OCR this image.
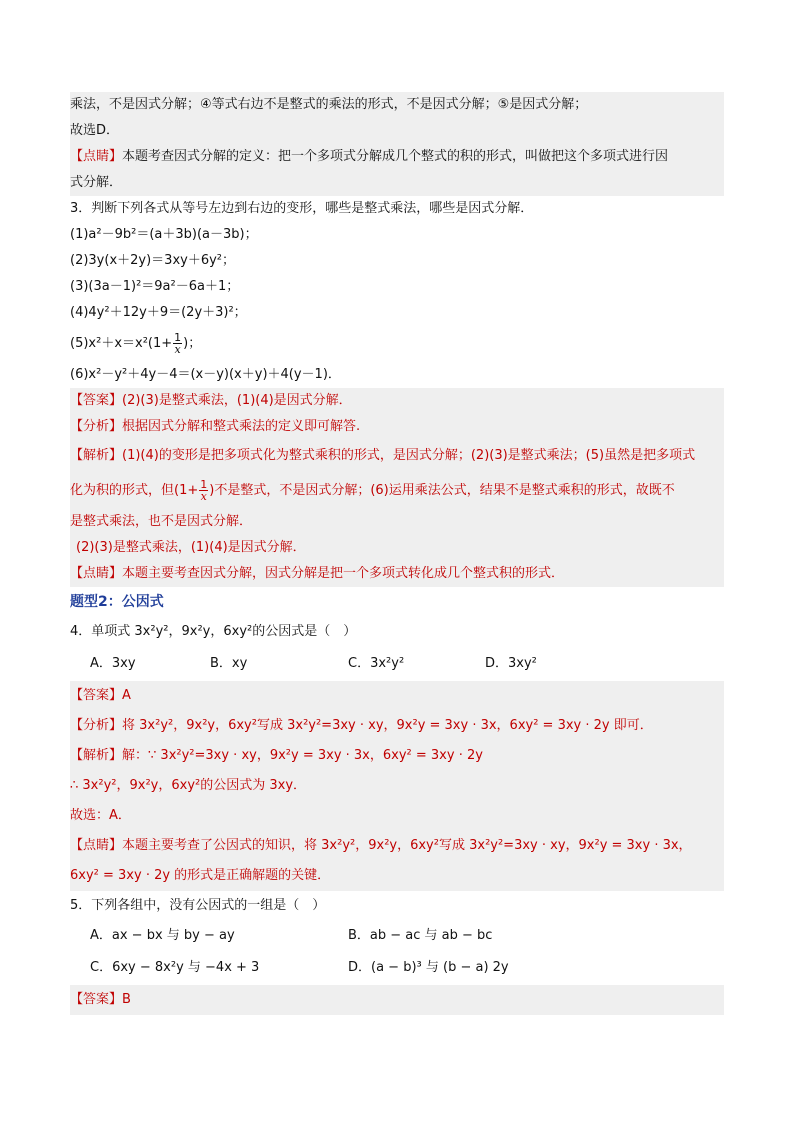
乘法，不是因式分解；④等式右边不是整式的乘法的形式，不是因式分解；⑤是因式分解；
故选D．
【点睛】本题考查因式分解的定义：把一个多项式分解成几个整式的积的形式，叫做把这个多项式进行因
式分解．
3．判断下列各式从等号左边到右边的变形，哪些是整式乘法，哪些是因式分解．
(1)a²－9b²＝(a＋3b)(a－3b)；
(2)3y(x＋2y)＝3xy＋6y²；
(3)(3a－1)²＝9a²－6a＋1；
(4)4y²＋12y＋9＝(2y＋3)²；
$(5)x^2+x=x^2(1+ \frac{1}{x}$ )；
(6)x²－y²＋4y－4＝(x－y)(x＋y)＋4(y－1)．
【答案】(2)(3)是整式乘法，(1)(4)是因式分解．
【分析】根据因式分解和整式乘法的定义即可解答.
【解析】(1)(4)的变形是把多项式化为整式乘积的形式，是因式分解；(2)(3)是整式乘法；(5)虽然是把多项式
化为积的形式，但($1+ \frac{1}{x}$ )不是整式，不是因式分解；(6)运用乘法公式，结果不是整式乘积的形式，故既不
是整式乘法，也不是因式分解．
(2)(3)是整式乘法，(1)(4)是因式分解．
【点睛】本题主要考查因式分解，因式分解是把一个多项式转化成几个整式积的形式．
题型2：公因式
4．单项式 3x²y²，9x²y，6xy²的公因式是（　）
A．3xy	B．xy	C．3x²y²	D．3xy²
【答案】A
【分析】将 3x²y²，9x²y，6xy²写成 3x²y²=3xy · xy，9x²y = 3xy · 3x，6xy² = 3xy · 2y 即可．
【解析】解：∵ 3x²y²=3xy · xy，9x²y = 3xy · 3x，6xy² = 3xy · 2y
∴ 3x²y²，9x²y，6xy²的公因式为 3xy．
故选：A．
【点睛】本题主要考查了公因式的知识，将 3x²y²，9x²y，6xy²写成 3x²y²=3xy · xy，9x²y = 3xy · 3x，
6xy² = 3xy · 2y 的形式是正确解题的关键．
5．下列各组中，没有公因式的一组是（　）
A．ax − bx 与 by − ay	B．ab − ac 与 ab − bc
C．6xy − 8x²y 与 −4x + 3	D．(a − b)³ 与 (b − a) 2y
【答案】B
